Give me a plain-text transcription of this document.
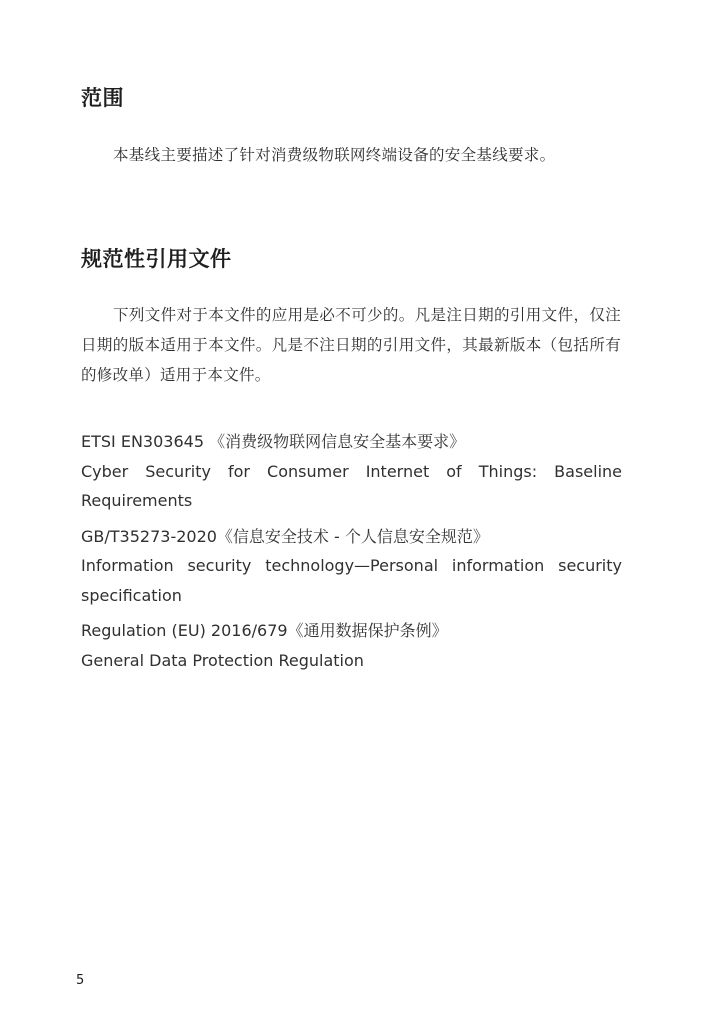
范围

本基线主要描述了针对消费级物联网终端设备的安全基线要求。

规范性引用文件

下列文件对于本文件的应用是必不可少的。凡是注日期的引用文件，仅注日期的版本适用于本文件。凡是不注日期的引用文件，其最新版本（包括所有的修改单）适用于本文件。

ETSI EN303645 《消费级物联网信息安全基本要求》

Cyber Security for Consumer Internet of Things: Baseline

Requirements

GB/T35273-2020《信息安全技术 - 个人信息安全规范》

Information security technology—Personal information security

specification

Regulation (EU) 2016/679《通用数据保护条例》

General Data Protection Regulation

5
